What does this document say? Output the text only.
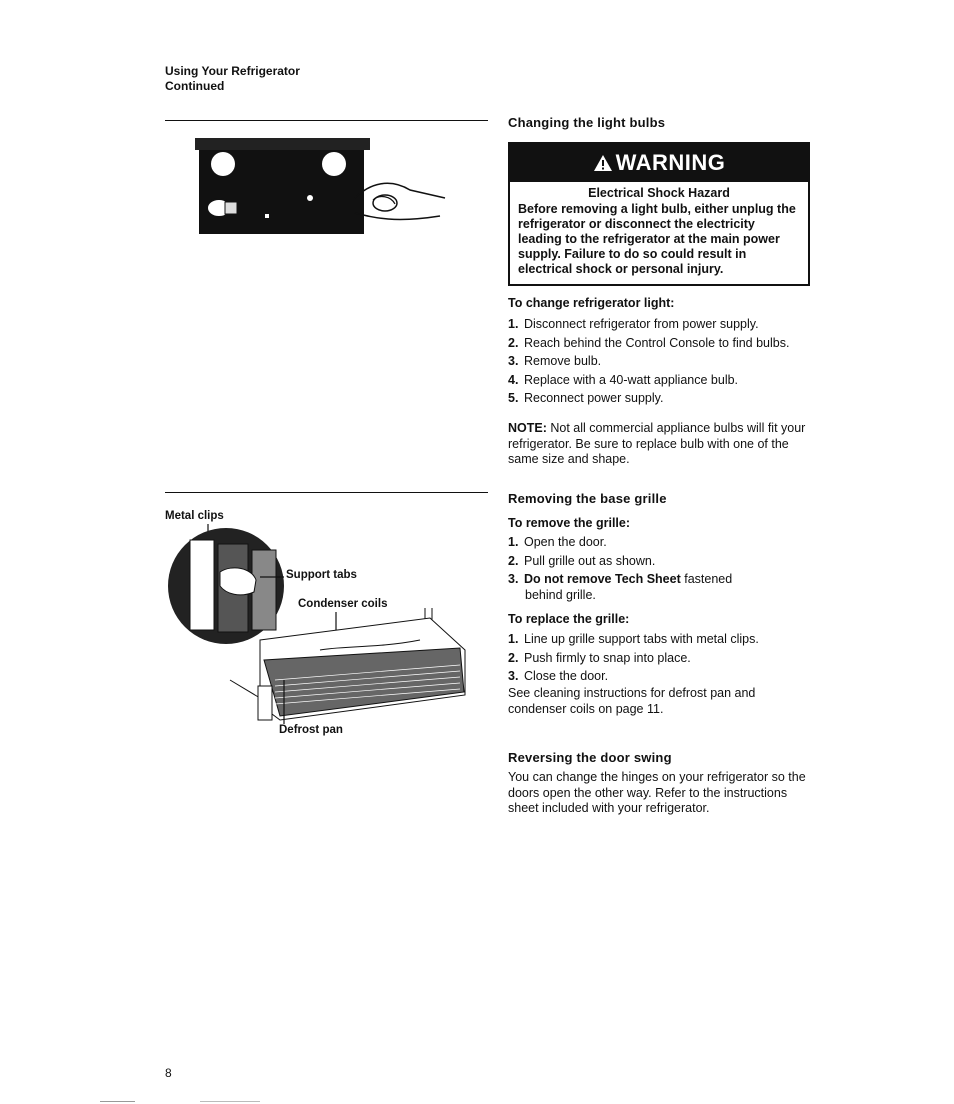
Using Your Refrigerator
Continued
Changing the light bulbs
WARNING
Electrical Shock Hazard
Before removing a light bulb, either unplug the refrigerator or disconnect the electricity leading to the refrigerator at the main power supply. Failure to do so could result in electrical shock or personal injury.
To change refrigerator light:
1. Disconnect refrigerator from power supply.
2. Reach behind the Control Console to find bulbs.
3. Remove bulb.
4. Replace with a 40-watt appliance bulb.
5. Reconnect power supply.
NOTE: Not all commercial appliance bulbs will fit your refrigerator. Be sure to replace bulb with one of the same size and shape.
Metal clips
Support tabs
Condenser coils
Defrost pan
Removing the base grille
To remove the grille:
1. Open the door.
2. Pull grille out as shown.
3. Do not remove Tech Sheet fastened
behind grille.
To replace the grille:
1. Line up grille support tabs with metal clips.
2. Push firmly to snap into place.
3. Close the door.
See cleaning instructions for defrost pan and condenser coils on page 11.
Reversing the door swing
You can change the hinges on your refrigerator so the doors open the other way. Refer to the instructions sheet included with your refrigerator.
8
